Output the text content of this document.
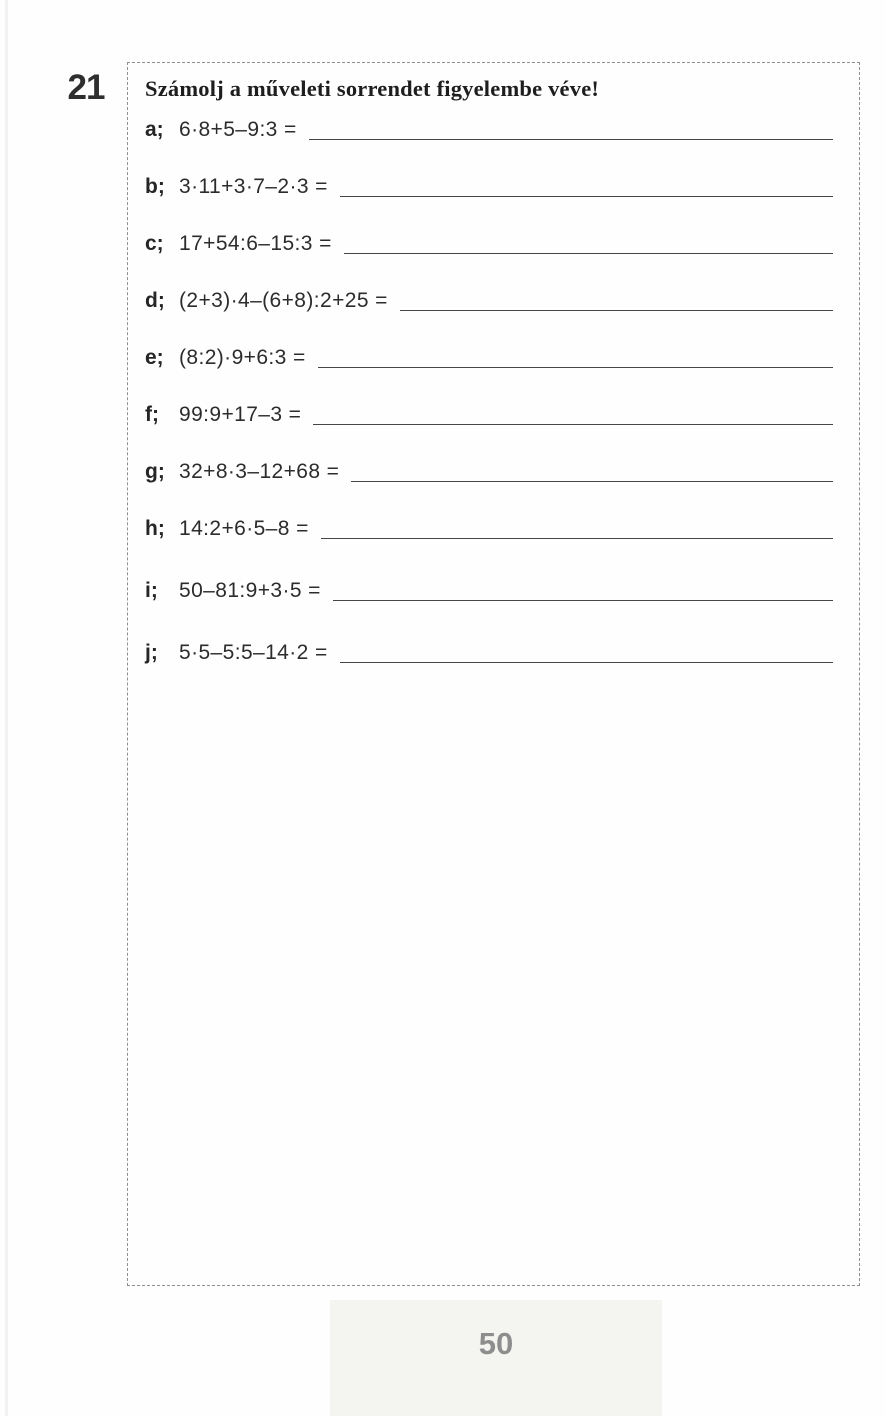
21 Számolj a műveleti sorrendet figyelembe véve!
a; 6·8+5–9:3 =
b; 3·11+3·7–2·3 =
c; 17+54:6–15:3 =
d; (2+3)·4–(6+8):2+25 =
e; (8:2)·9+6:3 =
f; 99:9+17–3 =
g; 32+8·3–12+68 =
h; 14:2+6·5–8 =
i;	50–81:9+3·5 =
j;	5·5–5:5–14·2 =
50
